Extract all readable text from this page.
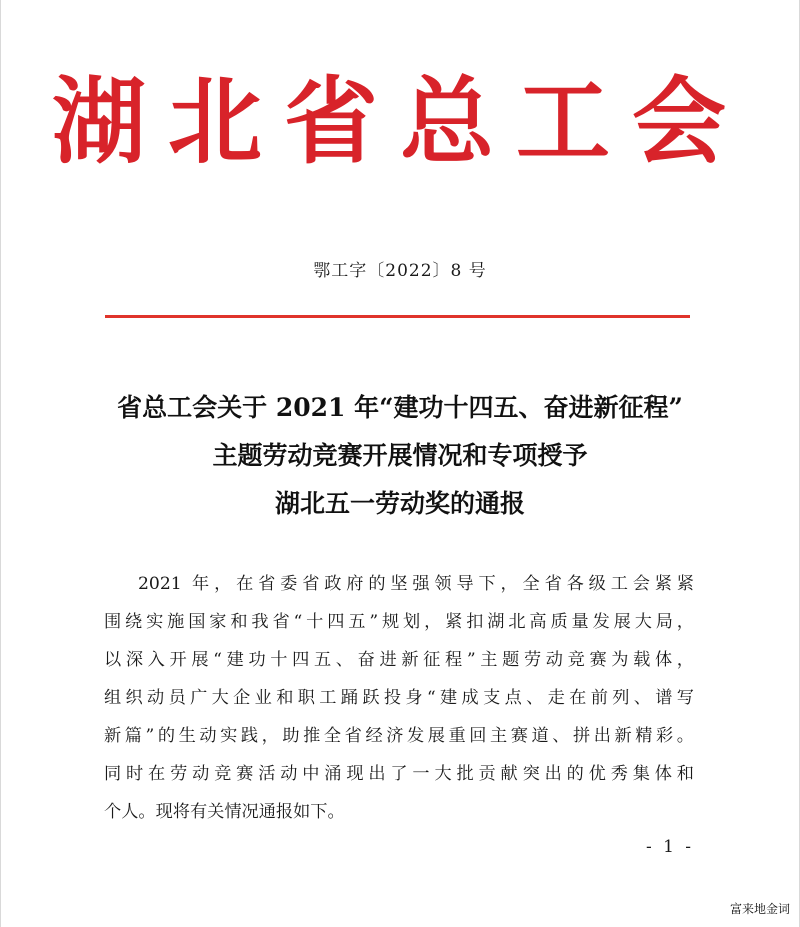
湖北省总工会
鄂工字〔2022〕8 号
省总工会关于 2021 年“建功十四五、奋进新征程”
主题劳动竞赛开展情况和专项授予
湖北五一劳动奖的通报
2021 年，在省委省政府的坚强领导下，全省各级工会紧紧
围绕实施国家和我省“十四五”规划，紧扣湖北高质量发展大局，
以深入开展“建功十四五、奋进新征程”主题劳动竞赛为载体，
组织动员广大企业和职工踊跃投身“建成支点、走在前列、谱写
新篇”的生动实践，助推全省经济发展重回主赛道、拼出新精彩。
同时在劳动竞赛活动中涌现出了一大批贡献突出的优秀集体和
个人。现将有关情况通报如下。
- 1 -
富来地金词
